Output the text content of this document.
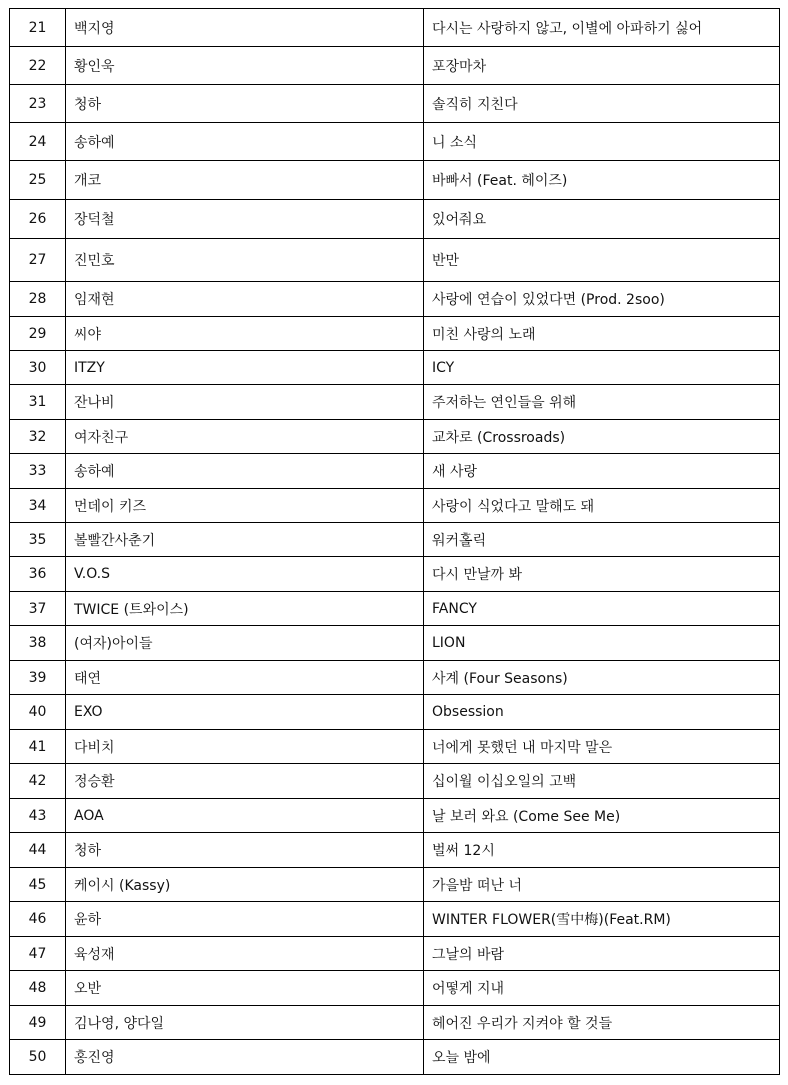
21	백지영	다시는 사랑하지 않고, 이별에 아파하기 싫어
22	황인욱	포장마차
23	청하	솔직히 지친다
24	송하예	니 소식
25	개코	바빠서 (Feat. 헤이즈)
26	장덕철	있어줘요
27	진민호	반만
28	임재현	사랑에 연습이 있었다면 (Prod. 2soo)
29	씨야	미친 사랑의 노래
30	ITZY	ICY
31	잔나비	주저하는 연인들을 위해
32	여자친구	교차로 (Crossroads)
33	송하예	새 사랑
34	먼데이 키즈	사랑이 식었다고 말해도 돼
35	볼빨간사춘기	워커홀릭
36	V.O.S	다시 만날까 봐
37	TWICE (트와이스)	FANCY
38	(여자)아이들	LION
39	태연	사계 (Four Seasons)
40	EXO	Obsession
41	다비치	너에게 못했던 내 마지막 말은
42	정승환	십이월 이십오일의 고백
43	AOA	날 보러 와요 (Come See Me)
44	청하	벌써 12시
45	케이시 (Kassy)	가을밤 떠난 너
46	윤하	WINTER FLOWER(雪中梅)(Feat.RM)
47	육성재	그날의 바람
48	오반	어떻게 지내
49	김나영, 양다일	헤어진 우리가 지켜야 할 것들
50	홍진영	오늘 밤에
